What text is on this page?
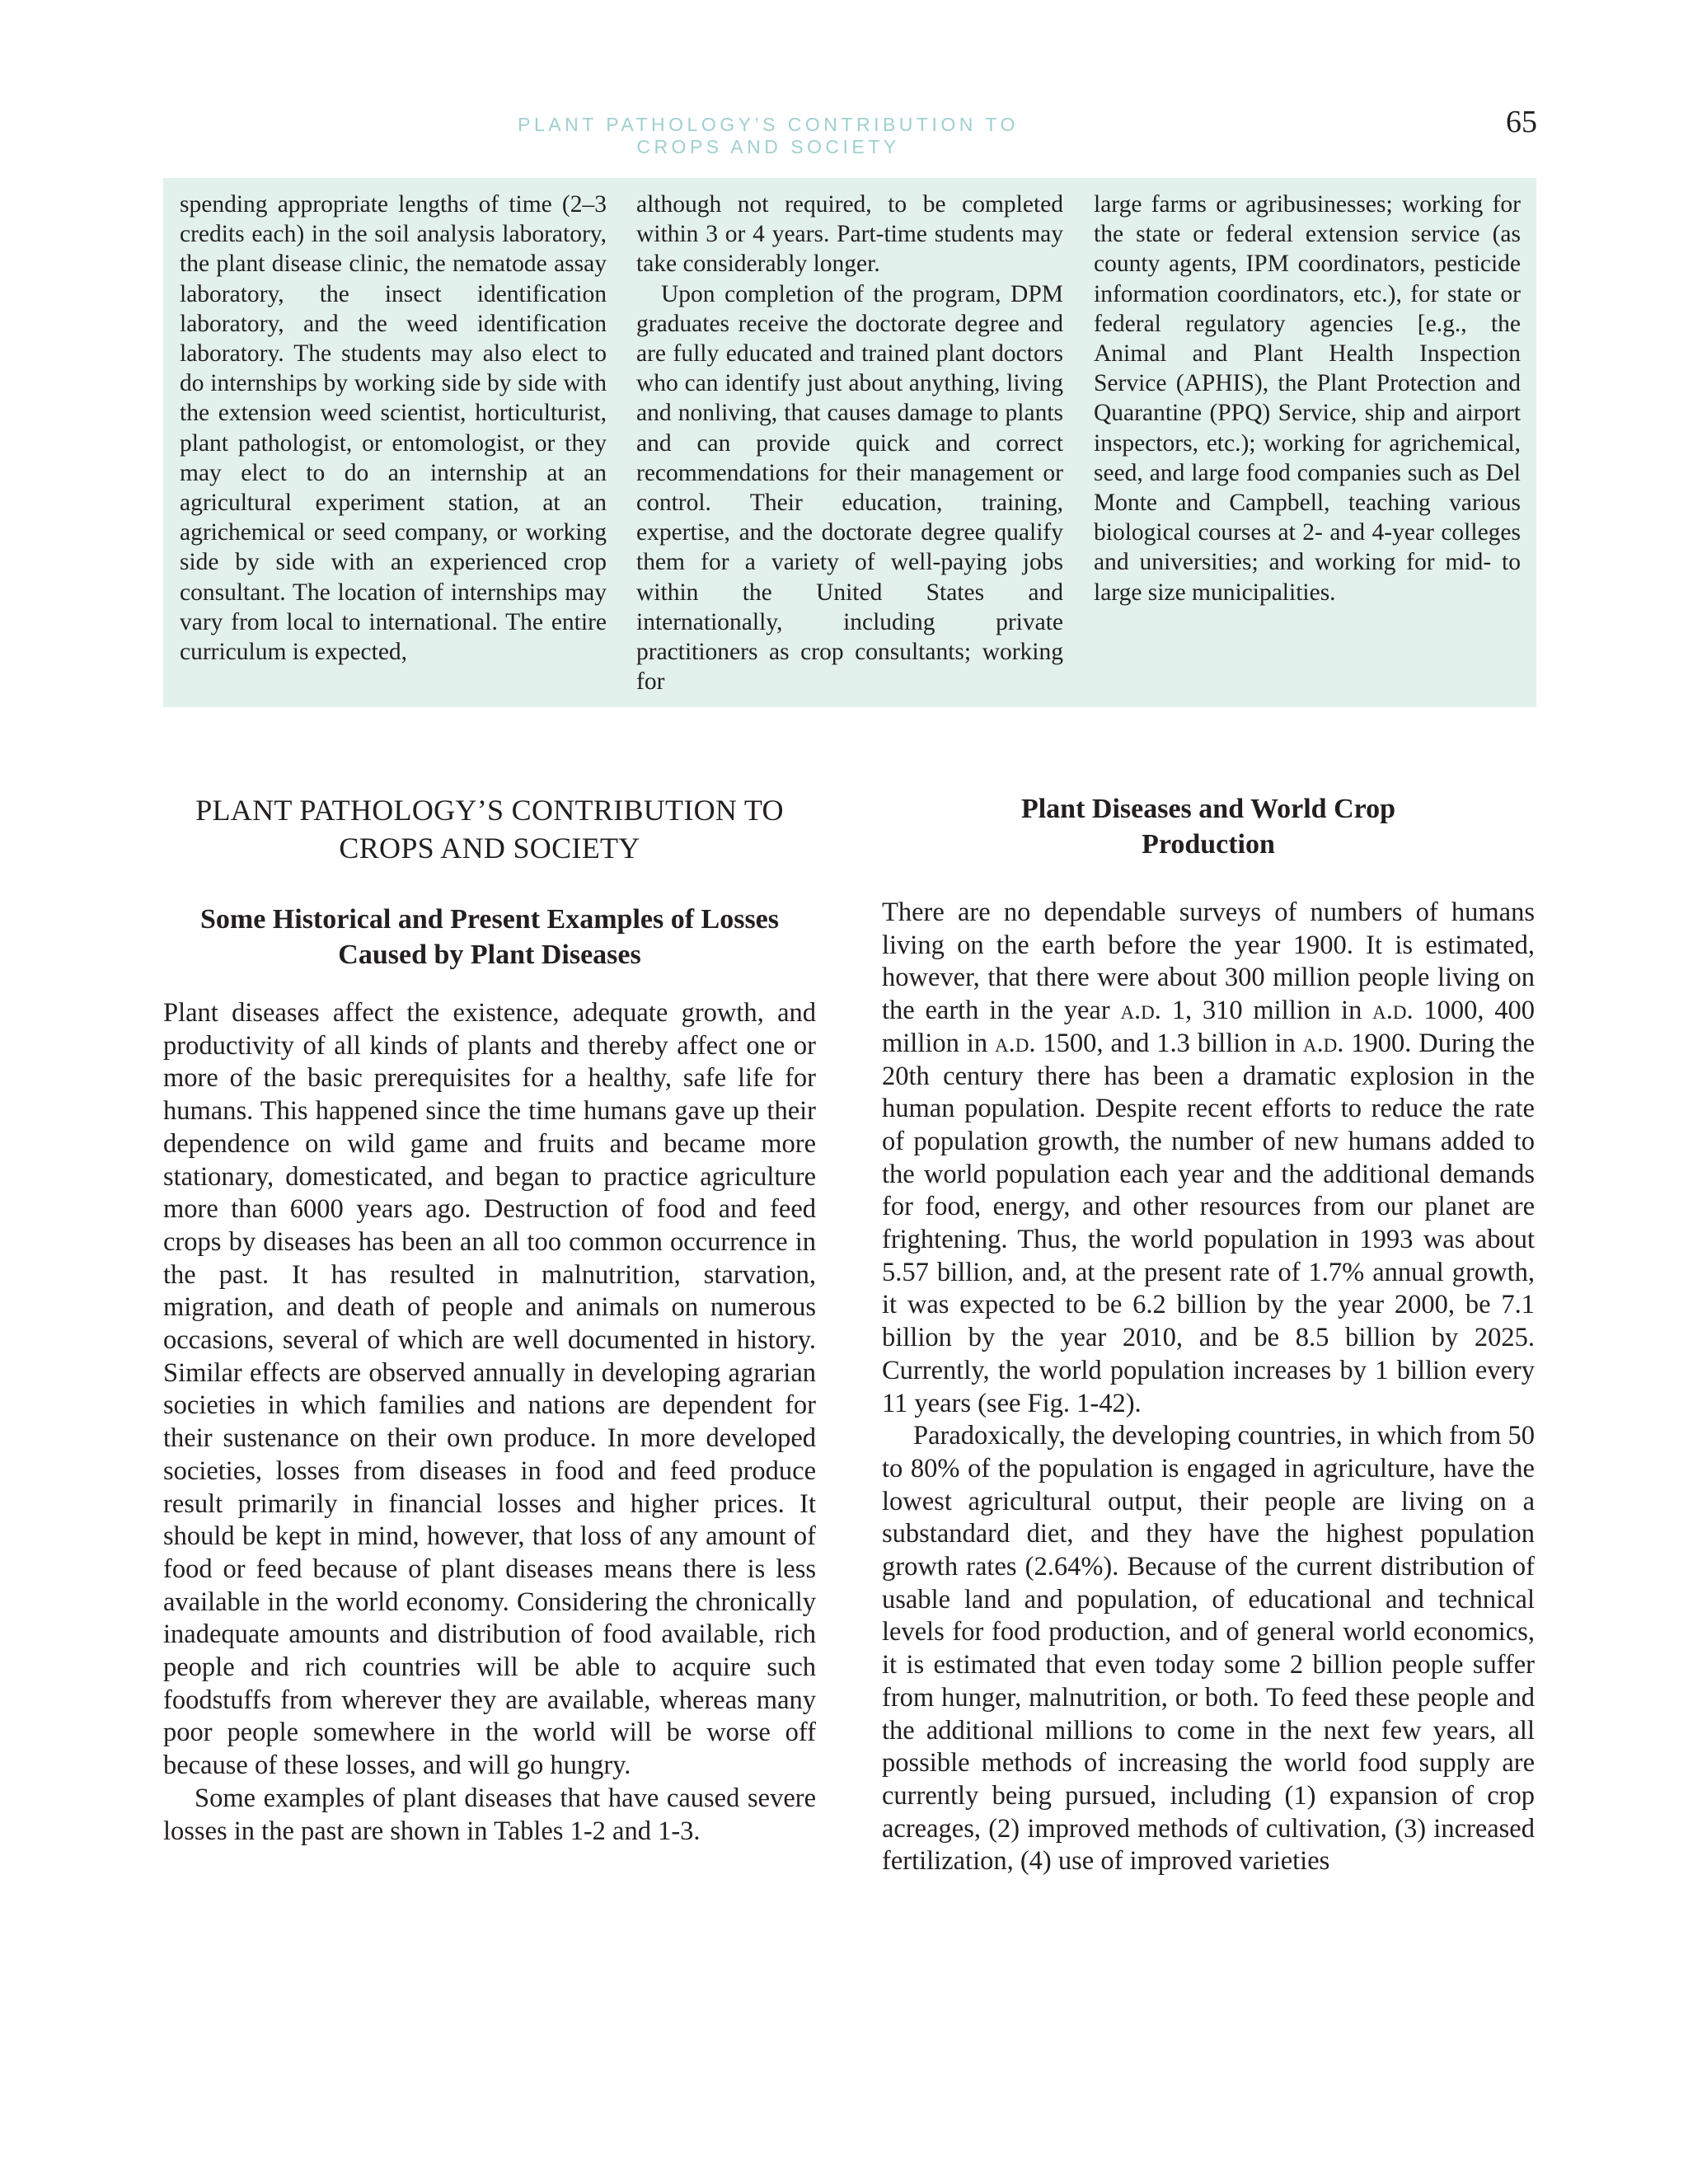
PLANT PATHOLOGY’S CONTRIBUTION TO CROPS AND SOCIETY
65

spending appropriate lengths of time (2–3 credits each) in the soil analysis laboratory, the plant disease clinic, the nematode assay laboratory, the insect identification laboratory, and the weed identification laboratory. The students may also elect to do internships by working side by side with the extension weed scientist, horticulturist, plant pathologist, or entomologist, or they may elect to do an internship at an agricultural experiment station, at an agrichemical or seed company, or working side by side with an experienced crop consultant. The location of internships may vary from local to international. The entire curriculum is expected,

although not required, to be completed within 3 or 4 years. Part-time students may take considerably longer.

Upon completion of the program, DPM graduates receive the doctorate degree and are fully educated and trained plant doctors who can identify just about anything, living and nonliving, that causes damage to plants and can provide quick and correct recommendations for their management or control. Their education, training, expertise, and the doctorate degree qualify them for a variety of well-paying jobs within the United States and internationally, including private practitioners as crop consultants; working for

large farms or agribusinesses; working for the state or federal extension service (as county agents, IPM coordinators, pesticide information coordinators, etc.), for state or federal regulatory agencies [e.g., the Animal and Plant Health Inspection Service (APHIS), the Plant Protection and Quarantine (PPQ) Service, ship and airport inspectors, etc.); working for agrichemical, seed, and large food companies such as Del Monte and Campbell, teaching various biological courses at 2- and 4-year colleges and universities; and working for mid- to large size municipalities.

PLANT PATHOLOGY’S CONTRIBUTION TO
CROPS AND SOCIETY
Some Historical and Present Examples of Losses
Caused by Plant Diseases

Plant diseases affect the existence, adequate growth, and productivity of all kinds of plants and thereby affect one or more of the basic prerequisites for a healthy, safe life for humans. This happened since the time humans gave up their dependence on wild game and fruits and became more stationary, domesticated, and began to practice agriculture more than 6000 years ago. Destruction of food and feed crops by diseases has been an all too common occurrence in the past. It has resulted in malnutrition, starvation, migration, and death of people and animals on numerous occasions, several of which are well documented in history. Similar effects are observed annually in developing agrarian societies in which families and nations are dependent for their sustenance on their own produce. In more developed societies, losses from diseases in food and feed produce result primarily in financial losses and higher prices. It should be kept in mind, however, that loss of any amount of food or feed because of plant diseases means there is less available in the world economy. Considering the chronically inadequate amounts and distribution of food available, rich people and rich countries will be able to acquire such foodstuffs from wherever they are available, whereas many poor people somewhere in the world will be worse off because of these losses, and will go hungry.

Some examples of plant diseases that have caused severe losses in the past are shown in Tables 1-2 and 1-3.

Plant Diseases and World Crop
Production

There are no dependable surveys of numbers of humans living on the earth before the year 1900. It is estimated, however, that there were about 300 million people living on the earth in the year a.d. 1, 310 million in a.d. 1000, 400 million in a.d. 1500, and 1.3 billion in a.d. 1900. During the 20th century there has been a dramatic explosion in the human population. Despite recent efforts to reduce the rate of population growth, the number of new humans added to the world population each year and the additional demands for food, energy, and other resources from our planet are frightening. Thus, the world population in 1993 was about 5.57 billion, and, at the present rate of 1.7% annual growth, it was expected to be 6.2 billion by the year 2000, be 7.1 billion by the year 2010, and be 8.5 billion by 2025. Currently, the world population increases by 1 billion every 11 years (see Fig. 1-42).

Paradoxically, the developing countries, in which from 50 to 80% of the population is engaged in agriculture, have the lowest agricultural output, their people are living on a substandard diet, and they have the highest population growth rates (2.64%). Because of the current distribution of usable land and population, of educational and technical levels for food production, and of general world economics, it is estimated that even today some 2 billion people suffer from hunger, malnutrition, or both. To feed these people and the additional millions to come in the next few years, all possible methods of increasing the world food supply are currently being pursued, including (1) expansion of crop acreages, (2) improved methods of cultivation, (3) increased fertilization, (4) use of improved varieties
